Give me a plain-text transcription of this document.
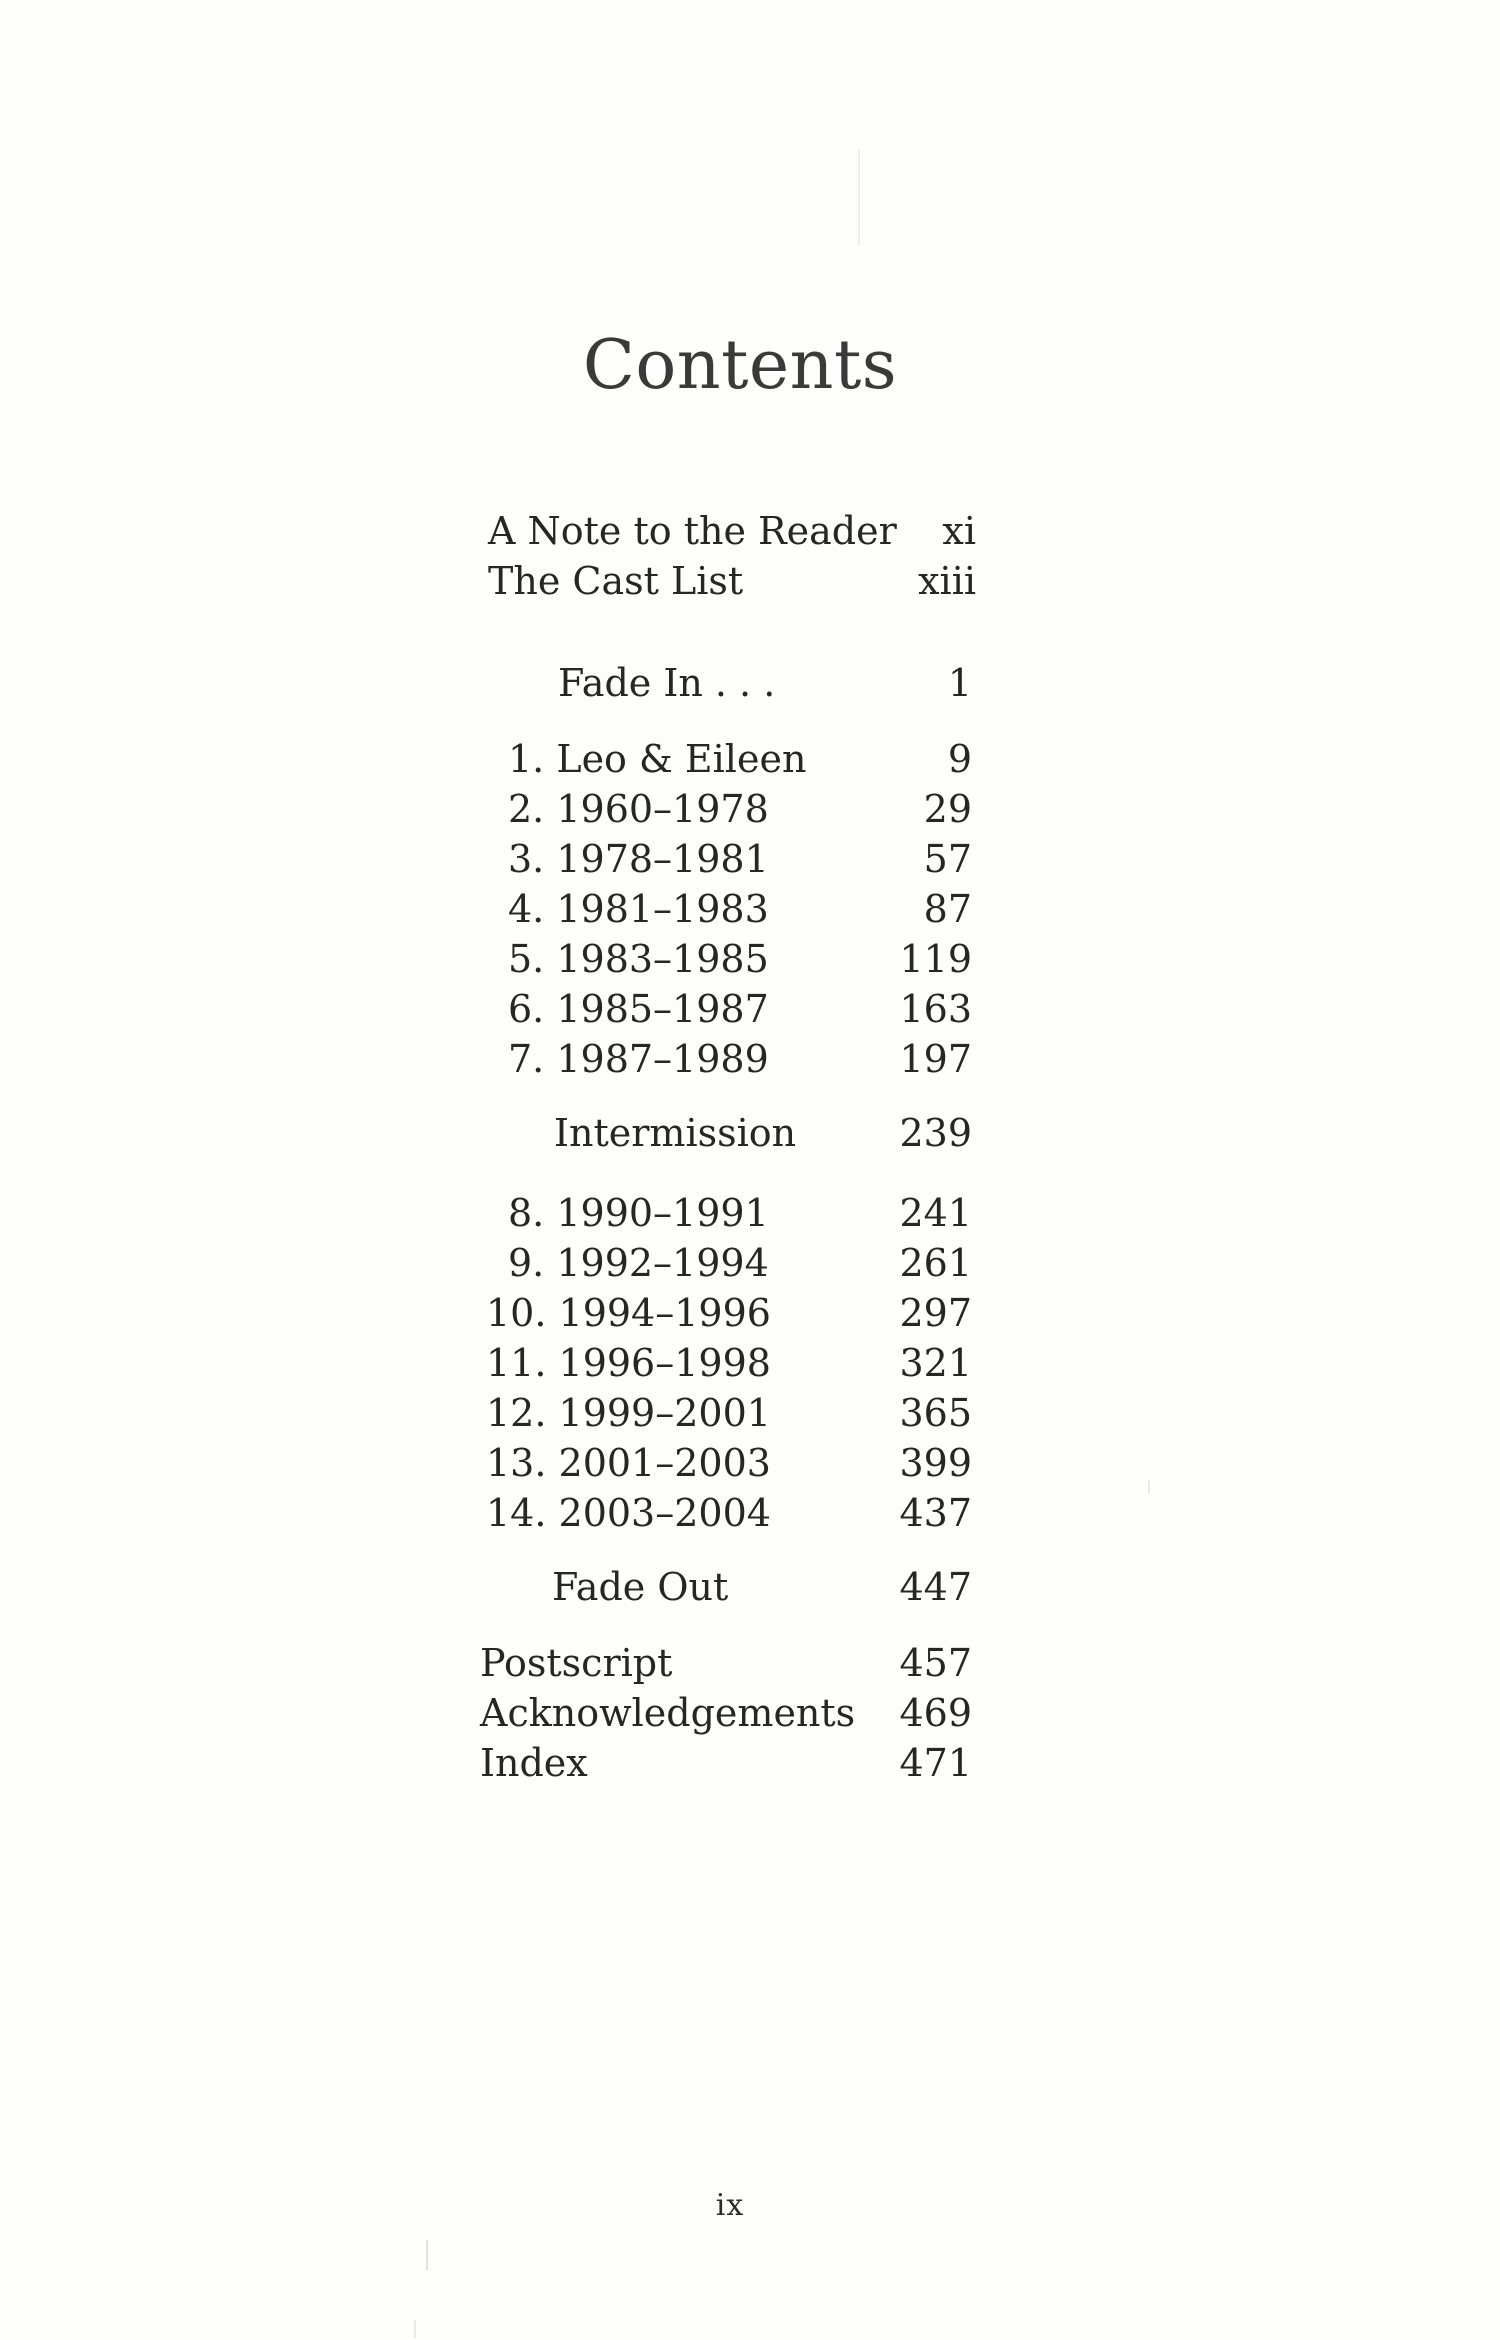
Contents
A Note to the Reader xi
The Cast List	xiii
Fade In . . .	1
1. Leo & Eileen	9
2. 1960–1978	29
3. 1978–1981	57
4. 1981–1983	87
5. 1983–1985	119
6. 1985–1987	163
7. 1987–1989	197
Intermission	239
8. 1990–1991	241
9. 1992–1994	261
10. 1994–1996	297
11. 1996–1998	321
12. 1999–2001	365
13. 2001–2003	399
14. 2003–2004	437
Fade Out	447
Postscript	457
Acknowledgements 469
Index	471
ix
